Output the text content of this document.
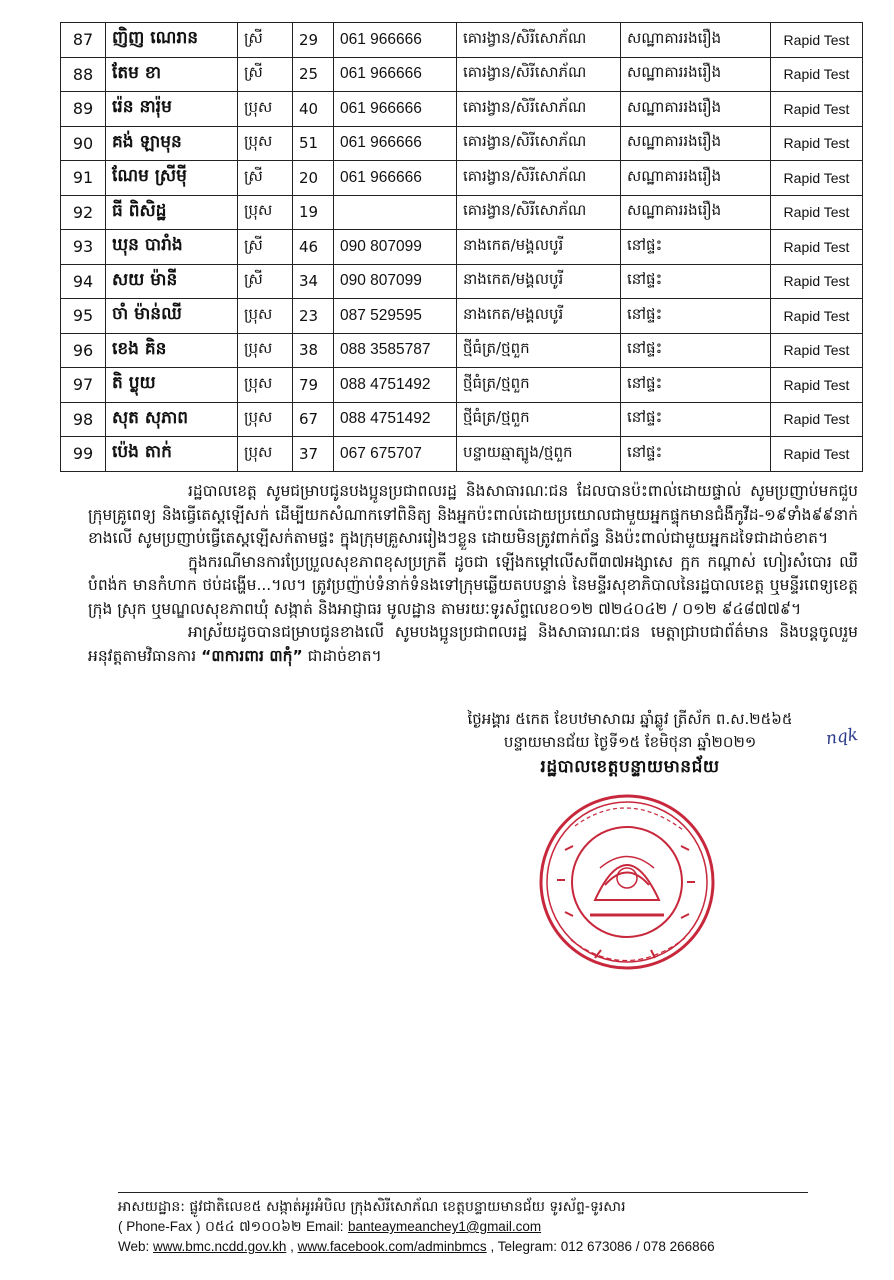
87	ញិញ ណេរាន	ស្រី	29	061 966666	គោរង្វាន/សិរីសោភ័ណ	សណ្ឋាគាររងរឿង	Rapid Test
88	តែម ខា	ស្រី	25	061 966666	គោរង្វាន/សិរីសោភ័ណ	សណ្ឋាគាររងរឿង	Rapid Test
89	រ៉េន នារ៉ុម	ប្រុស	40	061 966666	គោរង្វាន/សិរីសោភ័ណ	សណ្ឋាគាររងរឿង	Rapid Test
90	គង់ ឡាមុន	ប្រុស	51	061 966666	គោរង្វាន/សិរីសោភ័ណ	សណ្ឋាគាររងរឿង	Rapid Test
91	ណែម ស្រីមុី	ស្រី	20	061 966666	គោរង្វាន/សិរីសោភ័ណ	សណ្ឋាគាររងរឿង	Rapid Test
92	ធី ពិសិដ្ឋ	ប្រុស	19		គោរង្វាន/សិរីសោភ័ណ	សណ្ឋាគាររងរឿង	Rapid Test
93	ឃុន បារាំង	ស្រី	46	090 807099	នាងកេត/មង្គលបូរី	នៅផ្ទះ	Rapid Test
94	សយ ម៉ានី	ស្រី	34	090 807099	នាងកេត/មង្គលបូរី	នៅផ្ទះ	Rapid Test
95	ចាំ ម៉ាន់ឈី	ប្រុស	23	087 529595	នាងកេត/មង្គលបូរី	នៅផ្ទះ	Rapid Test
96	ខេង គិន	ប្រុស	38	088 3585787	ថ្មីធំត្រ/ថ្មពួក	នៅផ្ទះ	Rapid Test
97	តិ ប្លុយ	ប្រុស	79	088 4751492	ថ្មីធំត្រ/ថ្មពួក	នៅផ្ទះ	Rapid Test
98	សុត សុភាព	ប្រុស	67	088 4751492	ថ្មីធំត្រ/ថ្មពួក	នៅផ្ទះ	Rapid Test
99	ប៉េង តាក់	ប្រុស	37	067 675707	បន្ទាយឆ្មាត្បូង/ថ្មពួក	នៅផ្ទះ	Rapid Test

រដ្ឋបាលខេត្ត សូមជម្រាបជូនបងប្អូនប្រជាពលរដ្ឋ និងសាធារណៈជន ដែលបានប៉ះពាល់ដោយផ្ទាល់ សូមប្រញាប់មកជួបក្រុមគ្រូពេទ្យ និងធ្វើតេស្តឡើសក់ ដើម្បីយកសំណាកទៅពិនិត្យ និងអ្នកប៉ះពាល់ដោយប្រយោលជាមួយអ្នកផ្ទុកមានជំងឺកូវីដ-១៩ទាំង៩៩នាក់ខាងលើ សូមប្រញាប់ធ្វើតេស្តឡើសក់តាមផ្ទះ ក្នុងក្រុមគ្រួសាររៀងៗខ្លួន ដោយមិនត្រូវពាក់ព័ន្ធ និងប៉ះពាល់ជាមួយអ្នកដទៃជាដាច់ខាត។

ក្នុងករណីមានការប្រែប្រួលសុខភាពខុសប្រក្រតី ដូចជា ឡើងកម្តៅលើសពី៣៧អង្សាសេ ក្អក កណ្តាស់ ហៀរសំបោរ ឈឺបំពង់ក មានកំហាក ថប់ដង្ហើម...។ល។ ត្រូវប្រញ៉ាប់ទំនាក់ទំនងទៅក្រុមឆ្លើយតបបន្ទាន់ នៃមន្ទីរសុខាភិបាលនៃរដ្ឋបាលខេត្ត ឬមន្ទីរពេទ្យខេត្ត ក្រុង ស្រុក ឬមណ្ឌលសុខភាពឃុំ សង្កាត់ និងអាជ្ញាធរ មូលដ្ឋាន តាមរយៈទូរស័ព្ទលេខ០១២ ៧២៤០៤២ / ០១២ ៩៤៨៧៧៩។

អាស្រ័យដូចបានជម្រាបជូនខាងលើ សូមបងប្អូនប្រជាពលរដ្ឋ និងសាធារណៈជន មេត្តាជ្រាបជាព័ត៌មាន និងបន្តចូលរួមអនុវត្តតាមវិធានការ “៣ការពារ ៣កុំ” ជាដាច់ខាត។

ថ្ងៃអង្គារ ៥កេត ខែបឋមាសាឍ ឆ្នាំឆ្លូវ ត្រីស័ក ព.ស.២៥៦៥
បន្ទាយមានជ័យ ថ្ងៃទី១៥ ខែមិថុនា ឆ្នាំ២០២១	nqk
រដ្ឋបាលខេត្តបន្ទាយមានជ័យ
អាសយដ្ឋាន: ផ្លូវជាតិលេខ៥ សង្កាត់អូរអំបិល ក្រុងសិរីសោភ័ណ ខេត្តបន្ទាយមានជ័យ ទូរស័ព្ទ-ទូរសារ
( Phone-Fax ) ០៥៤ ៧១០០៦២ Email: banteaymeanchey1@gmail.com
Web: www.bmc.ncdd.gov.kh , www.facebook.com/adminbmcs , Telegram: 012 673086 / 078 266866
